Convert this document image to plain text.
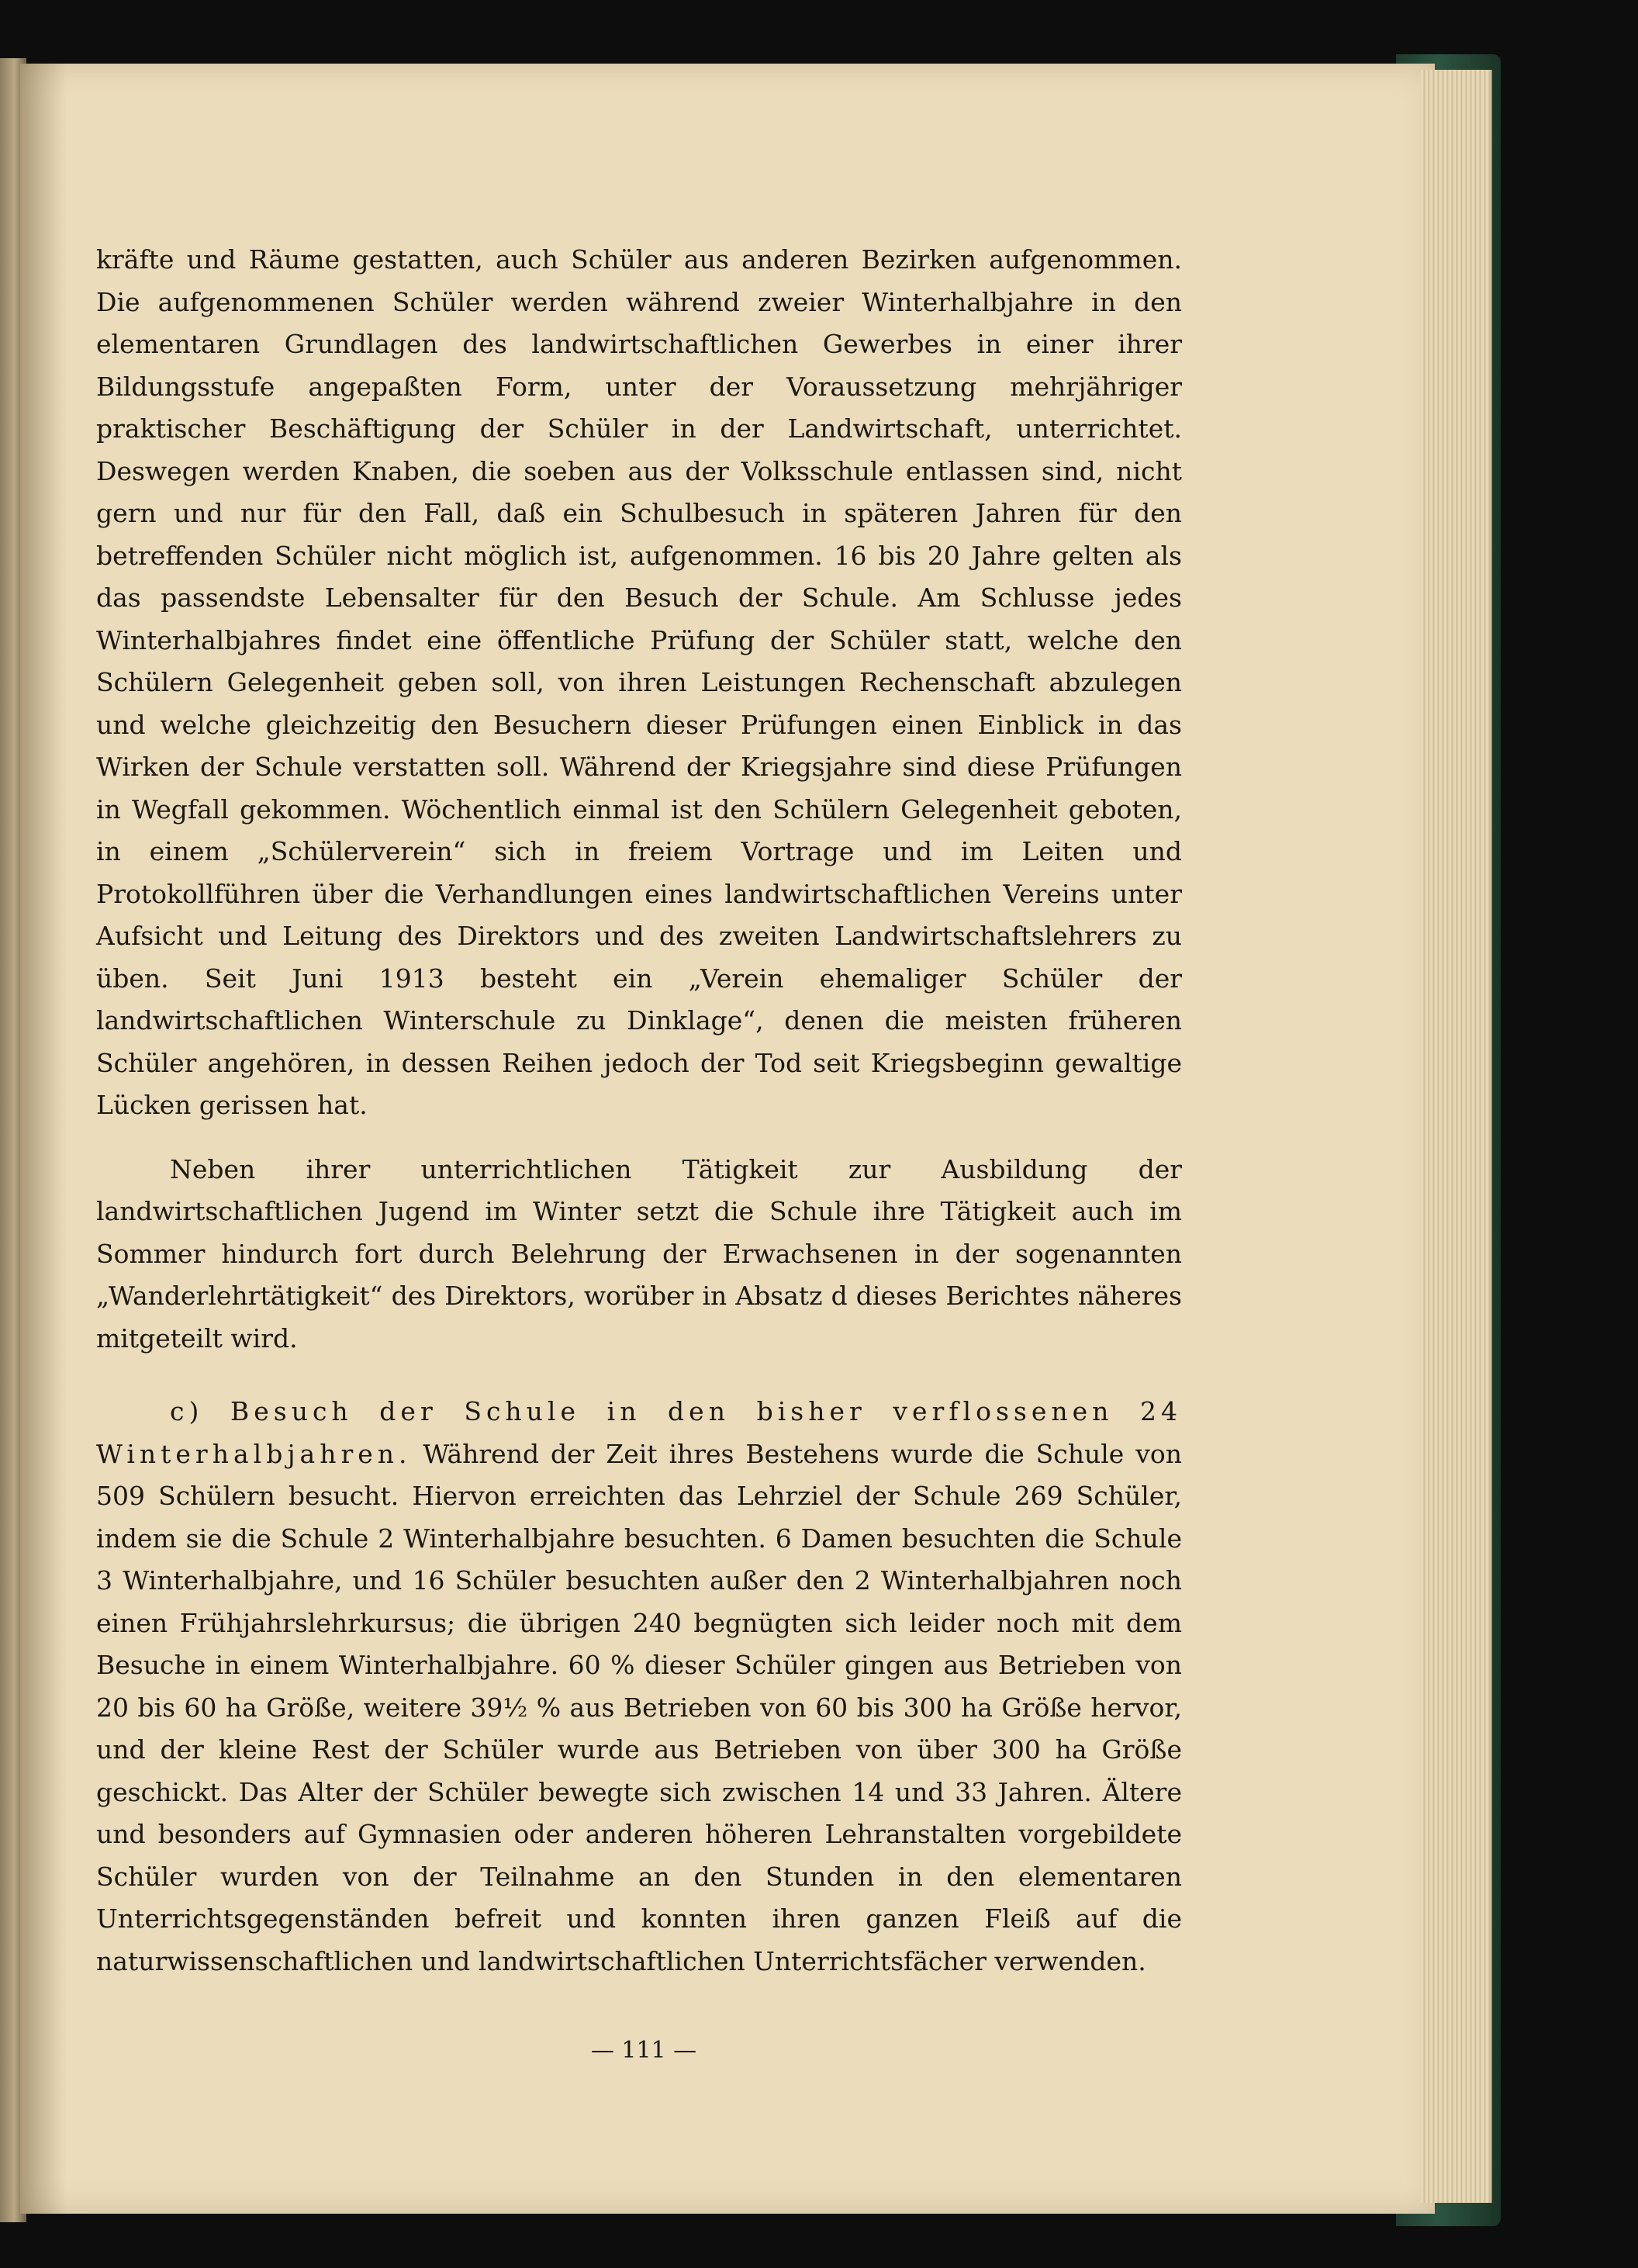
kräfte und Räume gestatten, auch Schüler aus anderen Bezirken aufgenommen. Die aufgenommenen Schüler werden während zweier Winterhalbjahre in den elementaren Grundlagen des landwirtschaftlichen Gewerbes in einer ihrer Bildungsstufe angepaßten Form, unter der Voraussetzung mehrjähriger praktischer Beschäftigung der Schüler in der Landwirtschaft, unterrichtet. Deswegen werden Knaben, die soeben aus der Volksschule entlassen sind, nicht gern und nur für den Fall, daß ein Schulbesuch in späteren Jahren für den betreffenden Schüler nicht möglich ist, aufgenommen. 16 bis 20 Jahre gelten als das passendste Lebensalter für den Besuch der Schule. Am Schlusse jedes Winterhalbjahres findet eine öffentliche Prüfung der Schüler statt, welche den Schülern Gelegenheit geben soll, von ihren Leistungen Rechenschaft abzulegen und welche gleichzeitig den Besuchern dieser Prüfungen einen Einblick in das Wirken der Schule verstatten soll. Während der Kriegsjahre sind diese Prüfungen in Wegfall gekommen. Wöchentlich einmal ist den Schülern Gelegenheit geboten, in einem „Schülerverein“ sich in freiem Vortrage und im Leiten und Protokollführen über die Verhandlungen eines landwirtschaftlichen Vereins unter Aufsicht und Leitung des Direktors und des zweiten Landwirtschaftslehrers zu üben. Seit Juni 1913 besteht ein „Verein ehemaliger Schüler der landwirtschaftlichen Winterschule zu Dinklage“, denen die meisten früheren Schüler angehören, in dessen Reihen jedoch der Tod seit Kriegsbeginn gewaltige Lücken gerissen hat.

Neben ihrer unterrichtlichen Tätigkeit zur Ausbildung der landwirtschaftlichen Jugend im Winter setzt die Schule ihre Tätigkeit auch im Sommer hindurch fort durch Belehrung der Erwachsenen in der sogenannten „Wanderlehrtätigkeit“ des Direktors, worüber in Absatz d dieses Berichtes näheres mitgeteilt wird.

c) Besuch der Schule in den bisher verflossenen 24 Winterhalbjahren. Während der Zeit ihres Bestehens wurde die Schule von 509 Schülern besucht. Hiervon erreichten das Lehrziel der Schule 269 Schüler, indem sie die Schule 2 Winterhalbjahre besuchten. 6 Damen besuchten die Schule 3 Winterhalbjahre, und 16 Schüler besuchten außer den 2 Winterhalbjahren noch einen Frühjahrslehrkursus; die übrigen 240 begnügten sich leider noch mit dem Besuche in einem Winterhalbjahre. 60 % dieser Schüler gingen aus Betrieben von 20 bis 60 ha Größe, weitere 39½ % aus Betrieben von 60 bis 300 ha Größe hervor, und der kleine Rest der Schüler wurde aus Betrieben von über 300 ha Größe geschickt. Das Alter der Schüler bewegte sich zwischen 14 und 33 Jahren. Ältere und besonders auf Gymnasien oder anderen höheren Lehranstalten vorgebildete Schüler wurden von der Teilnahme an den Stunden in den elementaren Unterrichtsgegenständen befreit und konnten ihren ganzen Fleiß auf die naturwissenschaftlichen und landwirtschaftlichen Unterrichtsfächer verwenden.

— 111 —
